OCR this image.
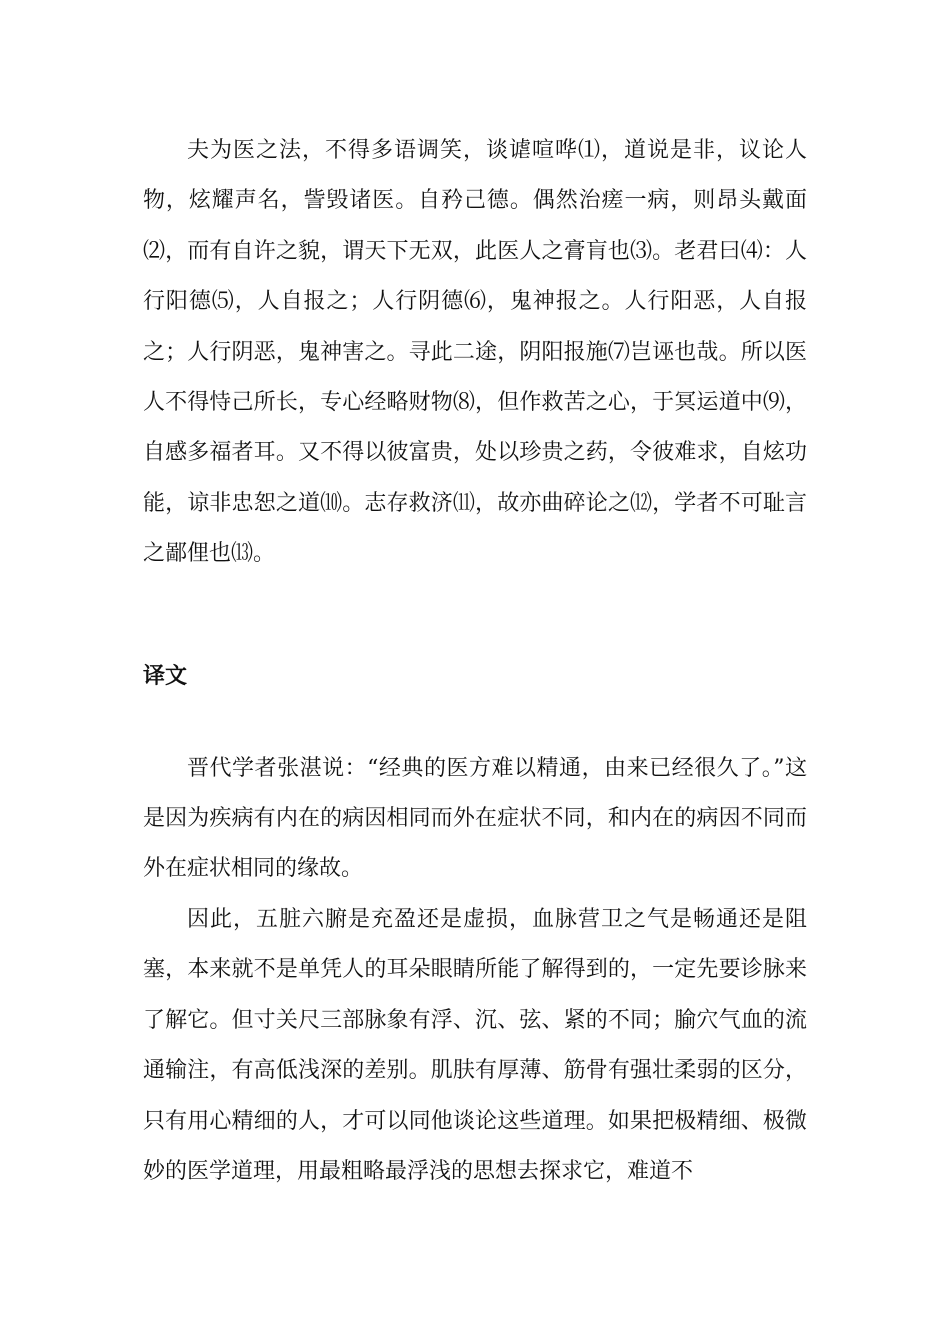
夫为医之法，不得多语调笑，谈谑喧哗⑴，道说是非，议论人物，炫耀声名，訾毁诸医。自矜己德。偶然治瘥一病，则昂头戴面⑵，而有自许之貌，谓天下无双，此医人之膏肓也⑶。老君曰⑷：人行阳德⑸，人自报之；人行阴德⑹，鬼神报之。人行阳恶，人自报之；人行阴恶，鬼神害之。寻此二途，阴阳报施⑺岂诬也哉。所以医人不得恃己所长，专心经略财物⑻，但作救苦之心，于冥运道中⑼，自感多福者耳。又不得以彼富贵，处以珍贵之药，令彼难求，自炫功能，谅非忠恕之道⑽。志存救济⑾，故亦曲碎论之⑿，学者不可耻言之鄙俚也⒀。

译文

晋代学者张湛说：“经典的医方难以精通，由来已经很久了。”这是因为疾病有内在的病因相同而外在症状不同，和内在的病因不同而外在症状相同的缘故。

因此，五脏六腑是充盈还是虚损，血脉营卫之气是畅通还是阻塞，本来就不是单凭人的耳朵眼睛所能了解得到的，一定先要诊脉来了解它。但寸关尺三部脉象有浮、沉、弦、紧的不同；腧穴气血的流通输注，有高低浅深的差别。肌肤有厚薄、筋骨有强壮柔弱的区分，只有用心精细的人，才可以同他谈论这些道理。如果把极精细、极微妙的医学道理，用最粗略最浮浅的思想去探求它，难道不
